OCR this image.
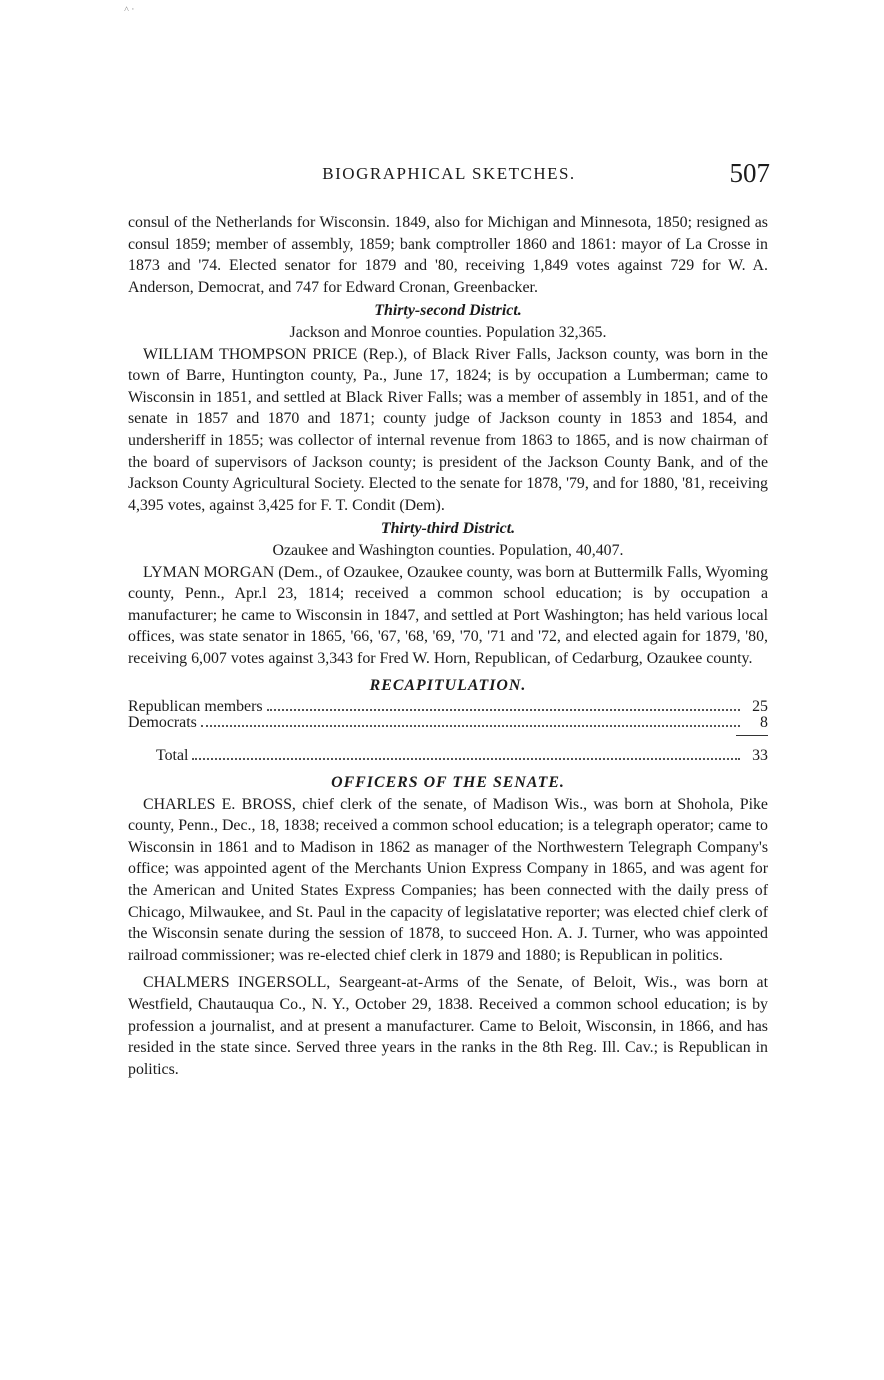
˄ ·
BIOGRAPHICAL SKETCHES.	507

consul of the Netherlands for Wisconsin. 1849, also for Michigan and Minnesota, 1850; resigned as consul 1859; member of assembly, 1859; bank comptroller 1860 and 1861: mayor of La Crosse in 1873 and '74. Elected senator for 1879 and '80, receiving 1,849 votes against 729 for W. A. Anderson, Democrat, and 747 for Edward Cronan, Greenbacker.

Thirty-second District.

Jackson and Monroe counties. Population 32,365.

WILLIAM THOMPSON PRICE (Rep.), of Black River Falls, Jackson county, was born in the town of Barre, Huntington county, Pa., June 17, 1824; is by occupation a Lumberman; came to Wisconsin in 1851, and settled at Black River Falls; was a member of assembly in 1851, and of the senate in 1857 and 1870 and 1871; county judge of Jackson county in 1853 and 1854, and undersheriff in 1855; was collector of internal revenue from 1863 to 1865, and is now chairman of the board of supervisors of Jackson county; is president of the Jackson County Bank, and of the Jackson County Agricultural Society. Elected to the senate for 1878, '79, and for 1880, '81, receiving 4,395 votes, against 3,425 for F. T. Condit (Dem).

Thirty-third District.

Ozaukee and Washington counties. Population, 40,407.

LYMAN MORGAN (Dem., of Ozaukee, Ozaukee county, was born at Buttermilk Falls, Wyoming county, Penn., Apr.l 23, 1814; received a common school education; is by occupation a manufacturer; he came to Wisconsin in 1847, and settled at Port Washington; has held various local offices, was state senator in 1865, '66, '67, '68, '69, '70, '71 and '72, and elected again for 1879, '80, receiving 6,007 votes against 3,343 for Fred W. Horn, Republican, of Cedarburg, Ozaukee county.

RECAPITULATION.

Republican members	25
Democrats	8
Total	33

OFFICERS OF THE SENATE.

CHARLES E. BROSS, chief clerk of the senate, of Madison Wis., was born at Shohola, Pike county, Penn., Dec., 18, 1838; received a common school education; is a telegraph operator; came to Wisconsin in 1861 and to Madison in 1862 as manager of the Northwestern Telegraph Company's office; was appointed agent of the Merchants Union Express Company in 1865, and was agent for the American and United States Express Companies; has been connected with the daily press of Chicago, Milwaukee, and St. Paul in the capacity of legislatative reporter; was elected chief clerk of the Wisconsin senate during the session of 1878, to succeed Hon. A. J. Turner, who was appointed railroad commissioner; was re-elected chief clerk in 1879 and 1880; is Republican in politics.

CHALMERS INGERSOLL, Seargeant-at-Arms of the Senate, of Beloit, Wis., was born at Westfield, Chautauqua Co., N. Y., October 29, 1838. Received a common school education; is by profession a journalist, and at present a manufacturer. Came to Beloit, Wisconsin, in 1866, and has resided in the state since. Served three years in the ranks in the 8th Reg. Ill. Cav.; is Republican in politics.
